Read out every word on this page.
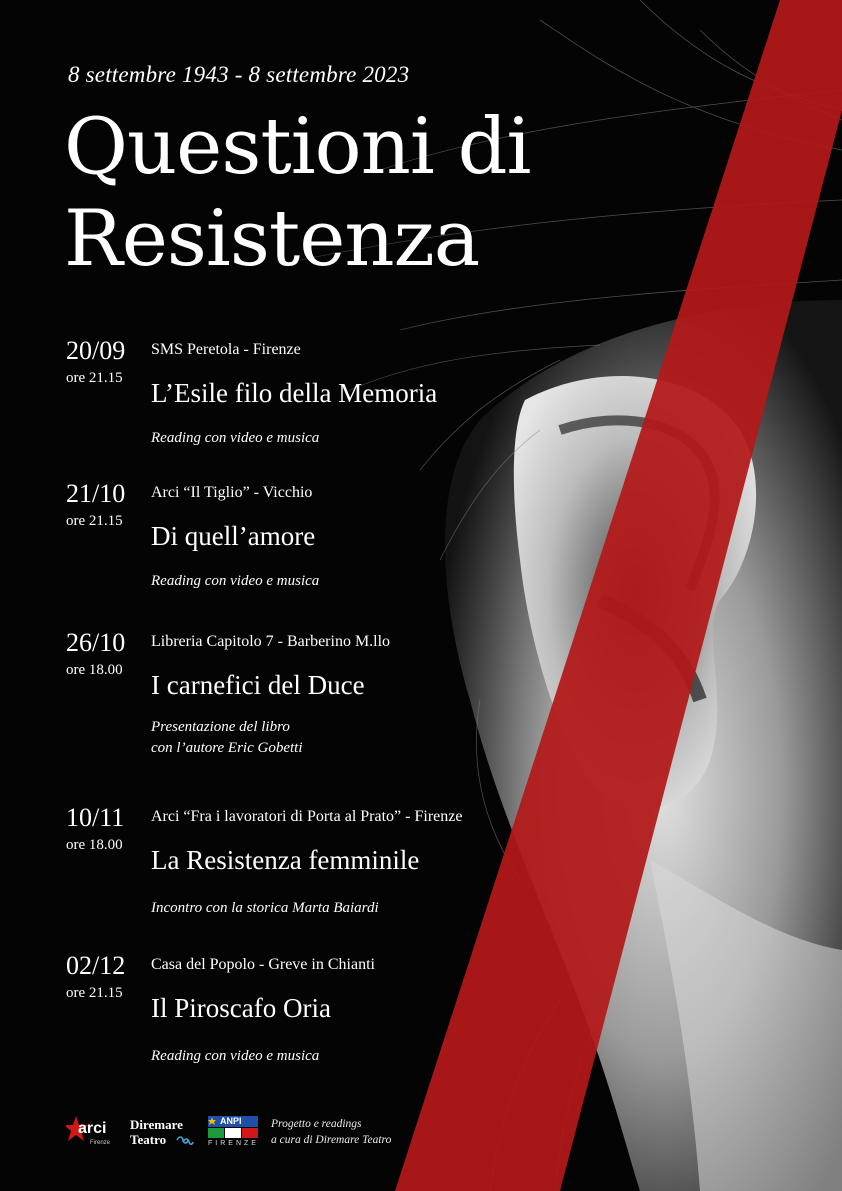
8 settembre 1943 - 8 settembre 2023
Questioni di
Resistenza
20/09
ore 21.15
SMS Peretola - Firenze
L’Esile filo della Memoria
Reading con video e musica
21/10
ore 21.15
Arci “Il Tiglio” - Vicchio
Di quell’amore
Reading con video e musica
26/10
ore 18.00
Libreria Capitolo 7 - Barberino M.llo
I carnefici del Duce
Presentazione del libro
con l’autore Eric Gobetti
10/11
ore 18.00
Arci “Fra i lavoratori di Porta al Prato” - Firenze
La Resistenza femminile
Incontro con la storica Marta Baiardi
02/12
ore 21.15
Casa del Popolo - Greve in Chianti
Il Piroscafo Oria
Reading con video e musica
arci
Firenze
Diremare
Teatro
ANPI
FIRENZE
Progetto e readings
a cura di Diremare Teatro
